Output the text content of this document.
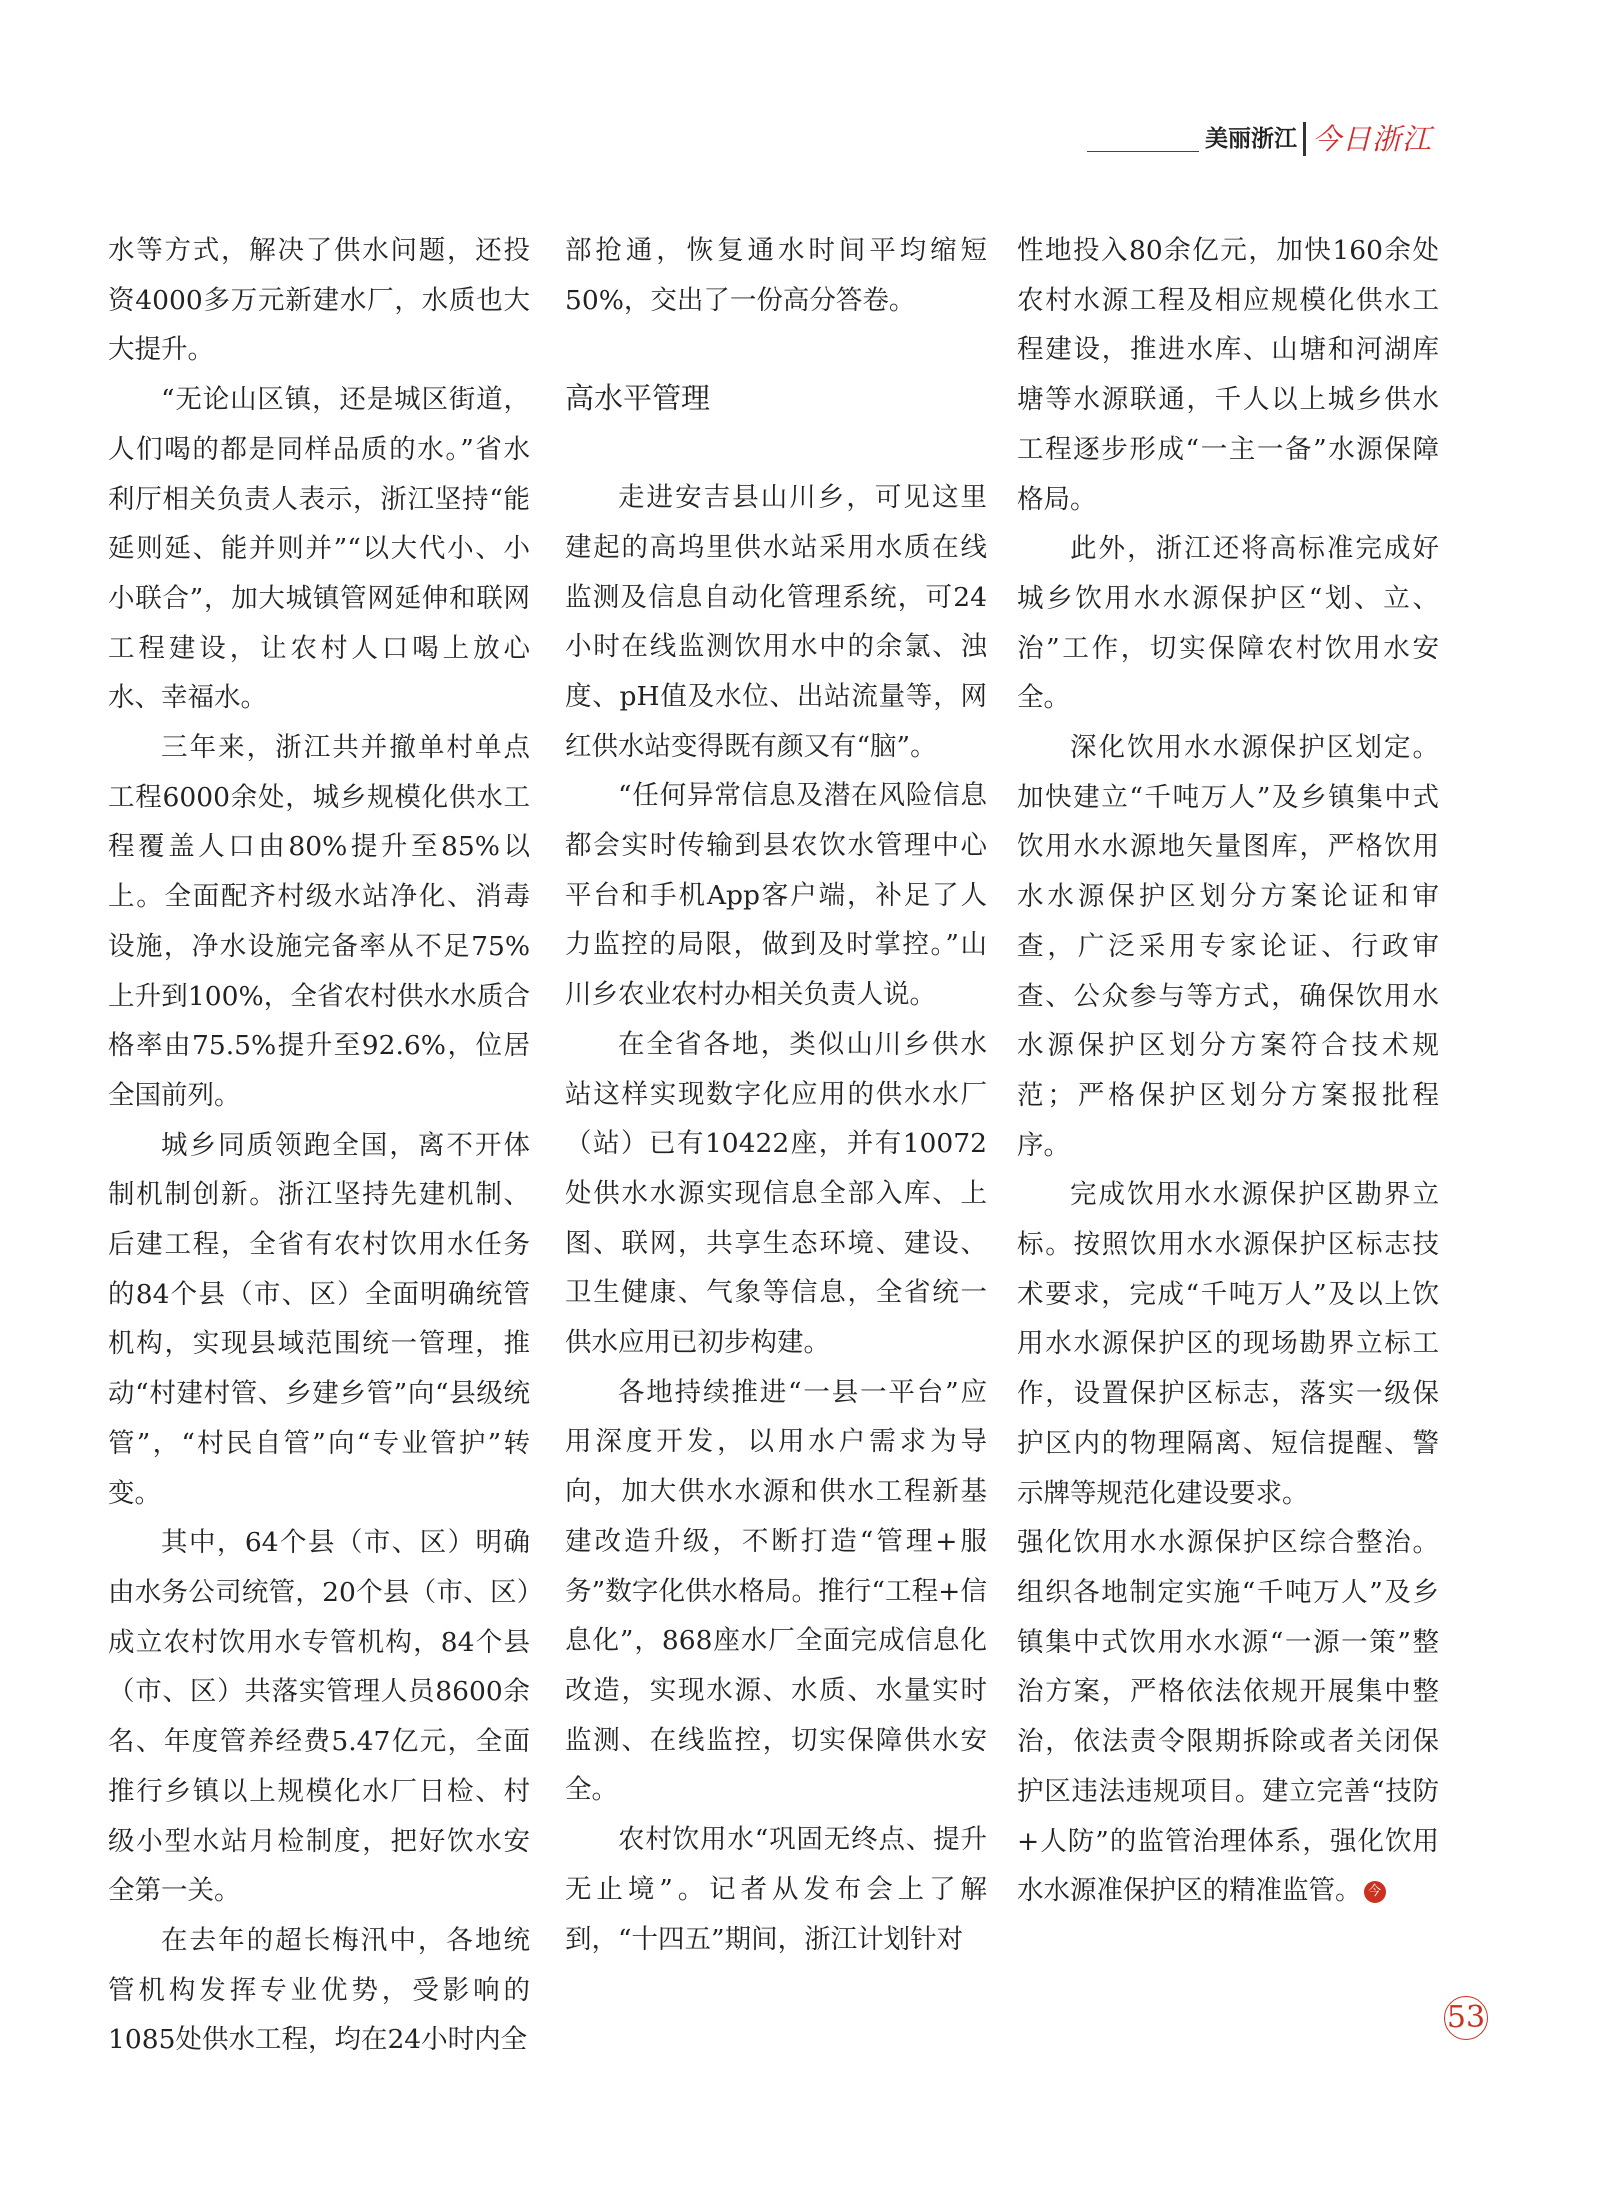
美丽浙江 今日浙江

水等方式，解决了供水问题，还投资4000多万元新建水厂，水质也大大提升。

“无论山区镇，还是城区街道，人们喝的都是同样品质的水。”省水利厅相关负责人表示，浙江坚持“能延则延、能并则并”“以大代小、小小联合”，加大城镇管网延伸和联网工程建设，让农村人口喝上放心水、幸福水。

三年来，浙江共并撤单村单点工程6000余处，城乡规模化供水工程覆盖人口由80%提升至85%以上。全面配齐村级水站净化、消毒设施，净水设施完备率从不足75%上升到100%，全省农村供水水质合格率由75.5%提升至92.6%，位居全国前列。

城乡同质领跑全国，离不开体制机制创新。浙江坚持先建机制、后建工程，全省有农村饮用水任务的84个县（市、区）全面明确统管机构，实现县域范围统一管理，推动“村建村管、乡建乡管”向“县级统管”，“村民自管”向“专业管护”转变。

其中，64个县（市、区）明确由水务公司统管，20个县（市、区）成立农村饮用水专管机构，84个县（市、区）共落实管理人员8600余名、年度管养经费5.47亿元，全面推行乡镇以上规模化水厂日检、村级小型水站月检制度，把好饮水安全第一关。

在去年的超长梅汛中，各地统管机构发挥专业优势，受影响的1085处供水工程，均在24小时内全

部抢通，恢复通水时间平均缩短50%，交出了一份高分答卷。

高水平管理

走进安吉县山川乡，可见这里建起的高坞里供水站采用水质在线监测及信息自动化管理系统，可24小时在线监测饮用水中的余氯、浊度、pH值及水位、出站流量等，网红供水站变得既有颜又有“脑”。

“任何异常信息及潜在风险信息都会实时传输到县农饮水管理中心平台和手机App客户端，补足了人力监控的局限，做到及时掌控。”山川乡农业农村办相关负责人说。

在全省各地，类似山川乡供水站这样实现数字化应用的供水水厂（站）已有10422座，并有10072处供水水源实现信息全部入库、上图、联网，共享生态环境、建设、卫生健康、气象等信息，全省统一供水应用已初步构建。

各地持续推进“一县一平台”应用深度开发，以用水户需求为导向，加大供水水源和供水工程新基建改造升级，不断打造“管理+服务”数字化供水格局。推行“工程+信息化”，868座水厂全面完成信息化改造，实现水源、水质、水量实时监测、在线监控，切实保障供水安全。

农村饮用水“巩固无终点、提升无止境”。记者从发布会上了解到，“十四五”期间，浙江计划针对

性地投入80余亿元，加快160余处农村水源工程及相应规模化供水工程建设，推进水库、山塘和河湖库塘等水源联通，千人以上城乡供水工程逐步形成“一主一备”水源保障格局。

此外，浙江还将高标准完成好城乡饮用水水源保护区“划、立、治”工作，切实保障农村饮用水安全。

深化饮用水水源保护区划定。加快建立“千吨万人”及乡镇集中式饮用水水源地矢量图库，严格饮用水水源保护区划分方案论证和审查，广泛采用专家论证、行政审查、公众参与等方式，确保饮用水水源保护区划分方案符合技术规范；严格保护区划分方案报批程序。

完成饮用水水源保护区勘界立标。按照饮用水水源保护区标志技术要求，完成“千吨万人”及以上饮用水水源保护区的现场勘界立标工作，设置保护区标志，落实一级保护区内的物理隔离、短信提醒、警示牌等规范化建设要求。

强化饮用水水源保护区综合整治。组织各地制定实施“千吨万人”及乡镇集中式饮用水水源“一源一策”整治方案，严格依法依规开展集中整治，依法责令限期拆除或者关闭保护区违法违规项目。建立完善“技防+人防”的监管治理体系，强化饮用水水源准保护区的精准监管。 今

53
